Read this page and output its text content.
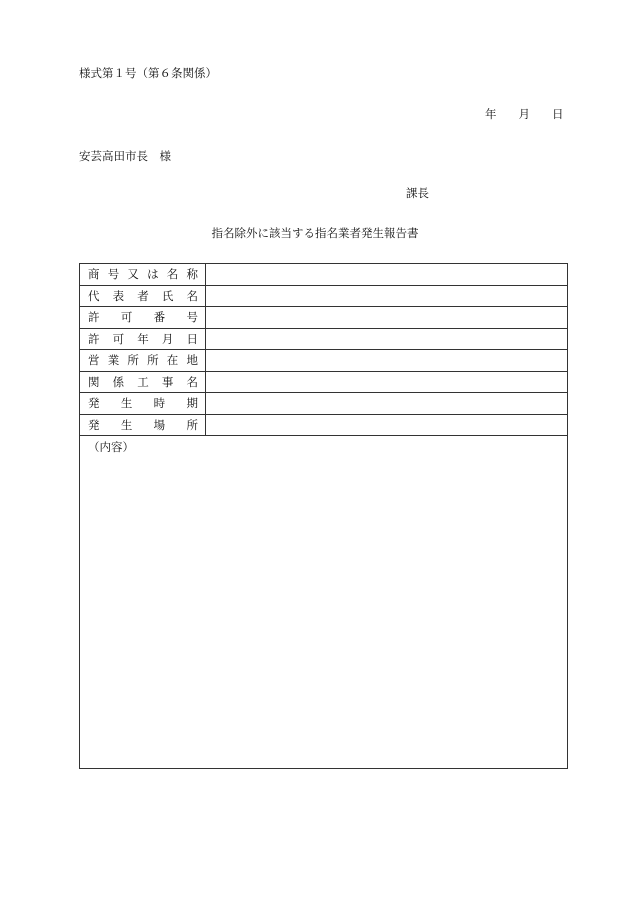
様式第１号（第６条関係）
年 月 日
安芸高田市長　様
課長
指名除外に該当する指名業者発生報告書
商 号 又 は 名 称
代 表 者 氏 名
許 可 番 号
許 可 年 月 日
営 業 所 所 在 地
関 係 工 事 名
発 生 時 期
発 生 場 所
（内容）
